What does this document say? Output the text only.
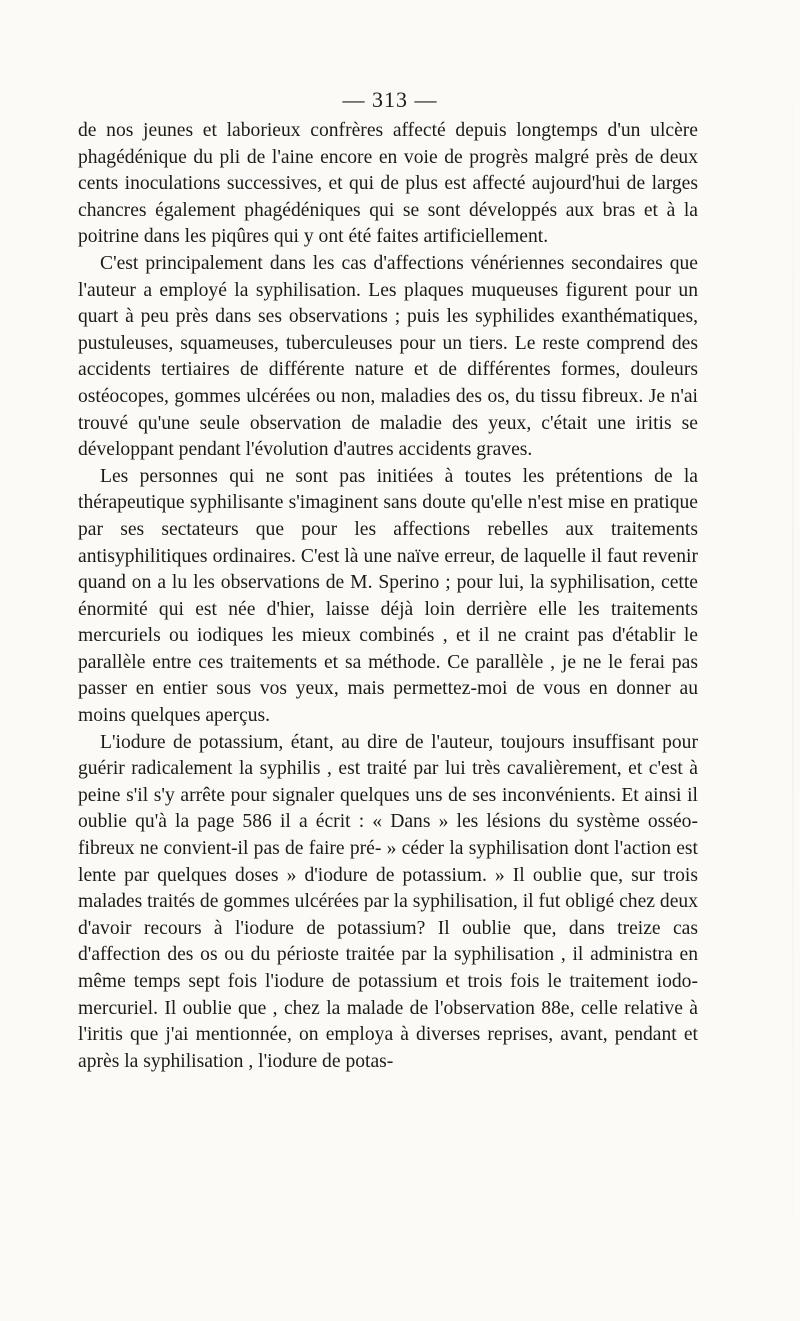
— 313 —

de nos jeunes et laborieux confrères affecté depuis longtemps d'un ulcère phagédénique du pli de l'aine encore en voie de progrès malgré près de deux cents inoculations successives, et qui de plus est affecté aujourd'hui de larges chancres également phagédéniques qui se sont développés aux bras et à la poitrine dans les piqûres qui y ont été faites artificiellement.

C'est principalement dans les cas d'affections vénériennes secondaires que l'auteur a employé la syphilisation. Les plaques muqueuses figurent pour un quart à peu près dans ses observations ; puis les syphilides exanthématiques, pustuleuses, squameuses, tuberculeuses pour un tiers. Le reste comprend des accidents tertiaires de différente nature et de différentes formes, douleurs ostéocopes, gommes ulcérées ou non, maladies des os, du tissu fibreux. Je n'ai trouvé qu'une seule observation de maladie des yeux, c'était une iritis se développant pendant l'évolution d'autres accidents graves.

Les personnes qui ne sont pas initiées à toutes les prétentions de la thérapeutique syphilisante s'imaginent sans doute qu'elle n'est mise en pratique par ses sectateurs que pour les affections rebelles aux traitements antisyphilitiques ordinaires. C'est là une naïve erreur, de laquelle il faut revenir quand on a lu les observations de M. Sperino ; pour lui, la syphilisation, cette énormité qui est née d'hier, laisse déjà loin derrière elle les traitements mercuriels ou iodiques les mieux combinés , et il ne craint pas d'établir le parallèle entre ces traitements et sa méthode. Ce parallèle , je ne le ferai pas passer en entier sous vos yeux, mais permettez-moi de vous en donner au moins quelques aperçus.

L'iodure de potassium, étant, au dire de l'auteur, toujours insuffisant pour guérir radicalement la syphilis , est traité par lui très cavalièrement, et c'est à peine s'il s'y arrête pour signaler quelques uns de ses inconvénients. Et ainsi il oublie qu'à la page 586 il a écrit : « Dans » les lésions du système osséo-fibreux ne convient-il pas de faire pré- » céder la syphilisation dont l'action est lente par quelques doses » d'iodure de potassium. » Il oublie que, sur trois malades traités de gommes ulcérées par la syphilisation, il fut obligé chez deux d'avoir recours à l'iodure de potassium? Il oublie que, dans treize cas d'affection des os ou du périoste traitée par la syphilisation , il administra en même temps sept fois l'iodure de potassium et trois fois le traitement iodo-mercuriel. Il oublie que , chez la malade de l'observation 88e, celle relative à l'iritis que j'ai mentionnée, on employa à diverses reprises, avant, pendant et après la syphilisation , l'iodure de potas-
